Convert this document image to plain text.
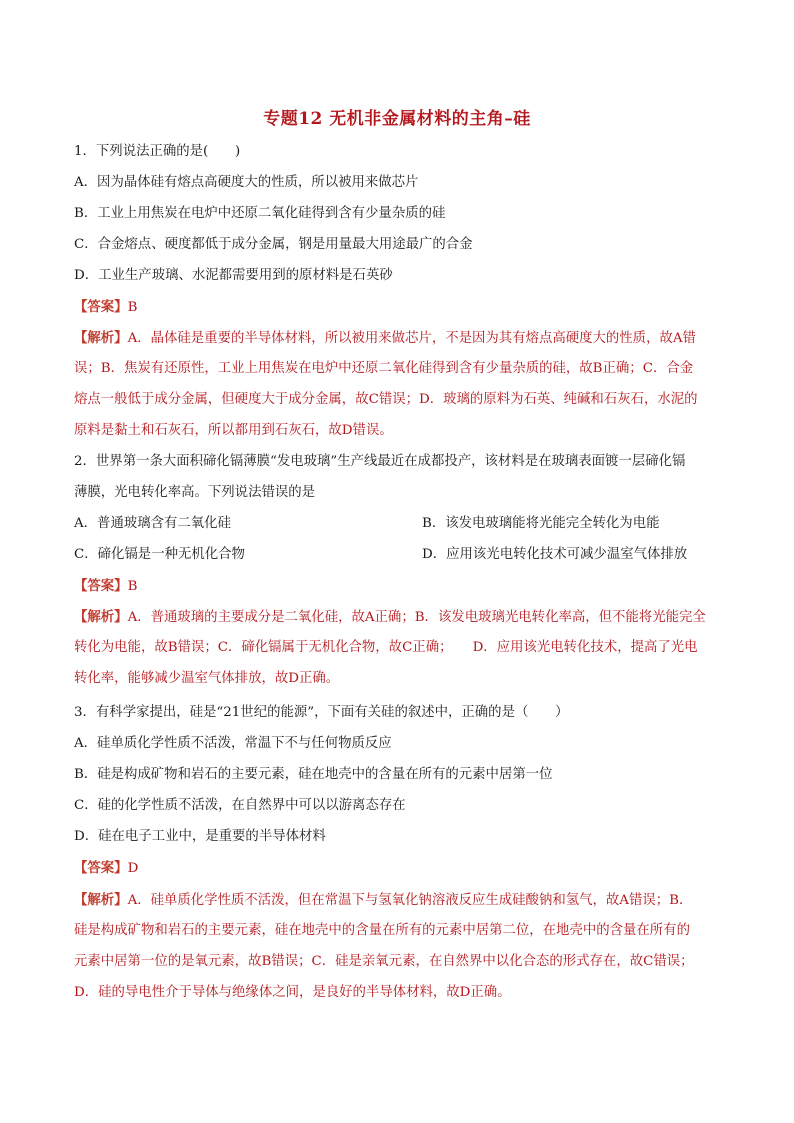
专题12 无机非金属材料的主角–硅
1．下列说法正确的是(　　)
A．因为晶体硅有熔点高硬度大的性质，所以被用来做芯片
B．工业上用焦炭在电炉中还原二氧化硅得到含有少量杂质的硅
C．合金熔点、硬度都低于成分金属，钢是用量最大用途最广的合金
D．工业生产玻璃、水泥都需要用到的原材料是石英砂
【答案】B
【解析】A．晶体硅是重要的半导体材料，所以被用来做芯片，不是因为其有熔点高硬度大的性质，故A错
误；B．焦炭有还原性，工业上用焦炭在电炉中还原二氧化硅得到含有少量杂质的硅，故B正确；C．合金
熔点一般低于成分金属，但硬度大于成分金属，故C错误；D．玻璃的原料为石英、纯碱和石灰石，水泥的
原料是黏土和石灰石，所以都用到石灰石，故D错误。
2．世界第一条大面积碲化镉薄膜“发电玻璃”生产线最近在成都投产，该材料是在玻璃表面镀一层碲化镉
薄膜，光电转化率高。下列说法错误的是
A．普通玻璃含有二氧化硅	B．该发电玻璃能将光能完全转化为电能
C．碲化镉是一种无机化合物	D．应用该光电转化技术可减少温室气体排放
【答案】B
【解析】A．普通玻璃的主要成分是二氧化硅，故A正确；B．该发电玻璃光电转化率高，但不能将光能完全
转化为电能，故B错误；C．碲化镉属于无机化合物，故C正确；　　D．应用该光电转化技术，提高了光电
转化率，能够减少温室气体排放，故D正确。
3．有科学家提出，硅是“21世纪的能源”，下面有关硅的叙述中，正确的是（　　）
A．硅单质化学性质不活泼，常温下不与任何物质反应
B．硅是构成矿物和岩石的主要元素，硅在地壳中的含量在所有的元素中居第一位
C．硅的化学性质不活泼，在自然界中可以以游离态存在
D．硅在电子工业中，是重要的半导体材料
【答案】D
【解析】A．硅单质化学性质不活泼，但在常温下与氢氧化钠溶液反应生成硅酸钠和氢气，故A错误；B．
硅是构成矿物和岩石的主要元素，硅在地壳中的含量在所有的元素中居第二位，在地壳中的含量在所有的
元素中居第一位的是氧元素，故B错误；C．硅是亲氧元素，在自然界中以化合态的形式存在，故C错误；
D．硅的导电性介于导体与绝缘体之间，是良好的半导体材料，故D正确。
